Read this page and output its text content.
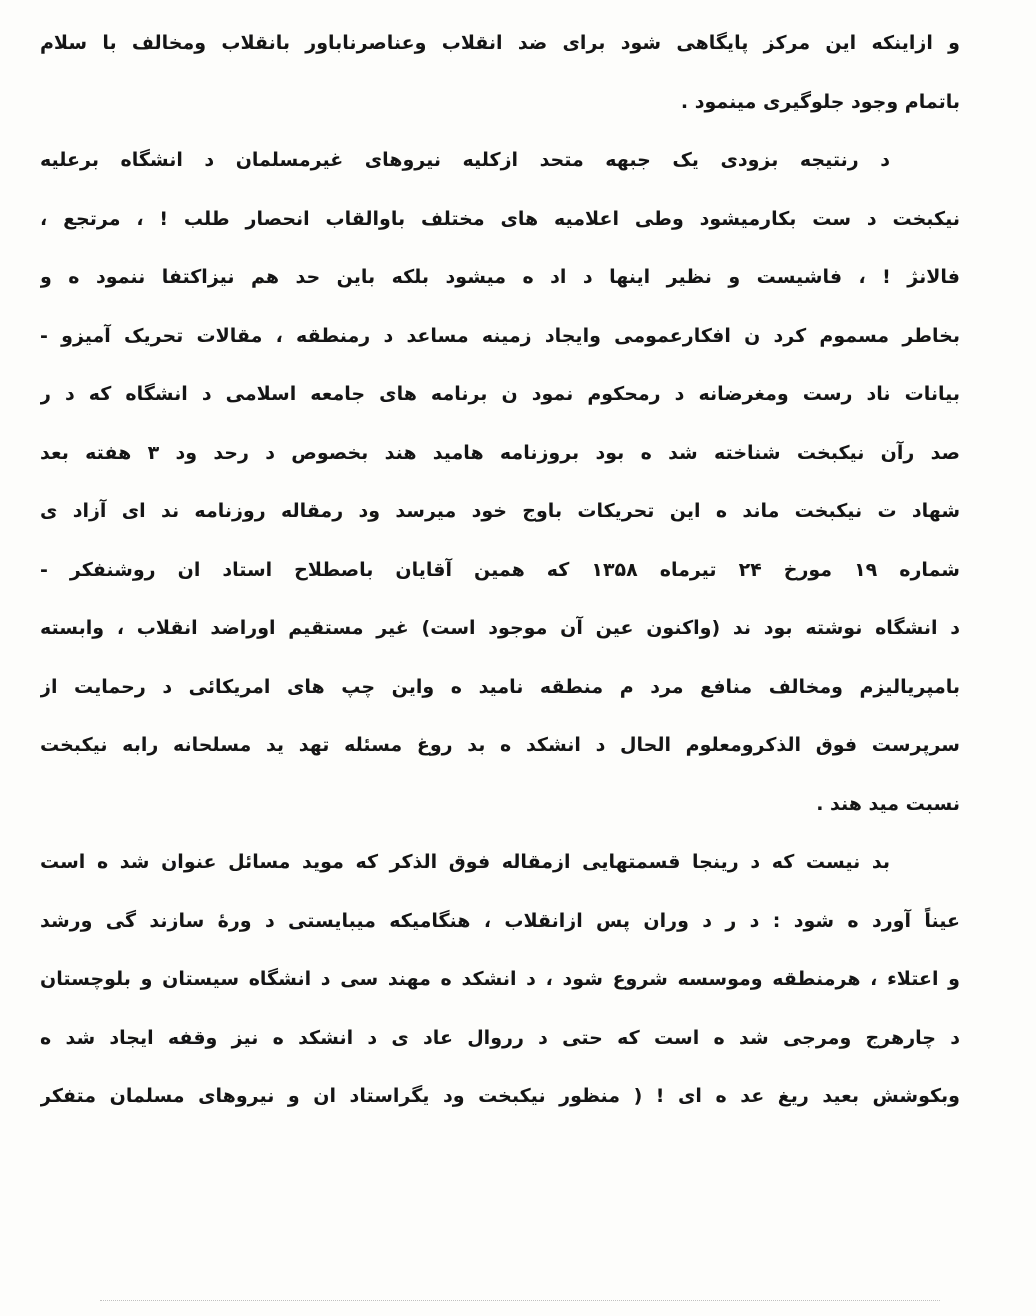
و ازاینکه این مرکز پایگاهی شود برای ضد انقلاب وعناصرناباور بانقلاب ومخالف با سلام
باتمام وجود جلوگیری مینمود .
د رنتیجه بزودی یک جبهه متحد ازکلیه نیروهای غیرمسلمان د انشگاه برعلیه
نیکبخت د ست بکارمیشود وطی اعلامیه های مختلف باوالقاب انحصار طلب ! ، مرتجع ،
فالانژ ! ، فاشیست و نظیر اینها د اد ه میشود بلکه باین حد هم نیزاکتفا ننمود ه و
بخاطر مسموم کرد ن افکارعمومی وایجاد زمینه مساعد د رمنطقه ، مقالات تحریک آمیزو -
بیانات ناد رست ومغرضانه د رمحکوم نمود ن برنامه های جامعه اسلامی د انشگاه که د ر
صد رآن نیکبخت شناخته شد ه بود بروزنامه هامید هند بخصوص د رحد ود ۳ هفته بعد
شهاد ت نیکبخت ماند ه این تحریکات باوج خود میرسد ود رمقاله روزنامه ند ای آزاد ی
شماره ۱۹ مورخ ۲۴ تیرماه ۱۳۵۸ که همین آقایان باصطلاح استاد ان روشنفکر -
د انشگاه نوشته بود ند (واکنون عین آن موجود است) غیر مستقیم اوراضد انقلاب ، وابسته
بامپریالیزم ومخالف منافع مرد م منطقه نامید ه واین چپ های امریکائی د رحمایت از
سرپرست فوق الذکرومعلوم الحال د انشکد ه بد روغ مسئله تهد ید مسلحانه رابه نیکبخت
نسبت مید هند .
بد نیست که د رینجا قسمتهایی ازمقاله فوق الذکر که موید مسائل عنوان شد ه است
عیناً آورد ه شود : د ر د وران پس ازانقلاب ، هنگامیکه میبایستی د ورهٔ سازند گی ورشد
و اعتلاء ، هرمنطقه وموسسه شروع شود ، د انشکد ه مهند سی د انشگاه سیستان و بلوچستان
د چارهرج ومرجی شد ه است که حتی د رروال عاد ی د انشکد ه نیز وقفه ایجاد شد ه
وبکوشش بعید ریغ عد ه ای ! ( منظور نیکبخت ود یگراستاد ان و نیروهای مسلمان متفکر
